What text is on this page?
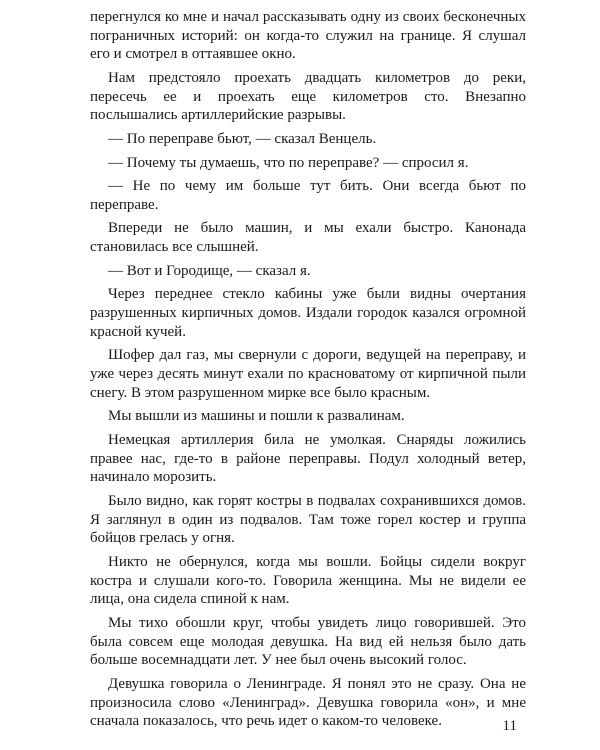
перегнулся ко мне и начал рассказывать одну из своих бесконечных пограничных историй: он когда-то служил на границе. Я слушал его и смотрел в оттаявшее окно.

Нам предстояло проехать двадцать километров до реки, пересечь ее и проехать еще километров сто. Внезапно послышались артиллерийские разрывы.

— По переправе бьют, — сказал Венцель.

— Почему ты думаешь, что по переправе? — спросил я.

— Не по чему им больше тут бить. Они всегда бьют по переправе.

Впереди не было машин, и мы ехали быстро. Канонада становилась все слышней.

— Вот и Городище, — сказал я.

Через переднее стекло кабины уже были видны очертания разрушенных кирпичных домов. Издали городок казался огромной красной кучей.

Шофер дал газ, мы свернули с дороги, ведущей на переправу, и уже через десять минут ехали по красноватому от кирпичной пыли снегу. В этом разрушенном мирке все было красным.

Мы вышли из машины и пошли к развалинам.

Немецкая артиллерия била не умолкая. Снаряды ложились правее нас, где-то в районе переправы. Подул холодный ветер, начинало морозить.

Было видно, как горят костры в подвалах сохранившихся домов. Я заглянул в один из подвалов. Там тоже горел костер и группа бойцов грелась у огня.

Никто не обернулся, когда мы вошли. Бойцы сидели вокруг костра и слушали кого-то. Говорила женщина. Мы не видели ее лица, она сидела спиной к нам.

Мы тихо обошли круг, чтобы увидеть лицо говорившей. Это была совсем еще молодая девушка. На вид ей нельзя было дать больше восемнадцати лет. У нее был очень высокий голос.

Девушка говорила о Ленинграде. Я понял это не сразу. Она не произносила слово «Ленинград». Девушка говорила «он», и мне сначала показалось, что речь идет о каком-то человеке.	11
